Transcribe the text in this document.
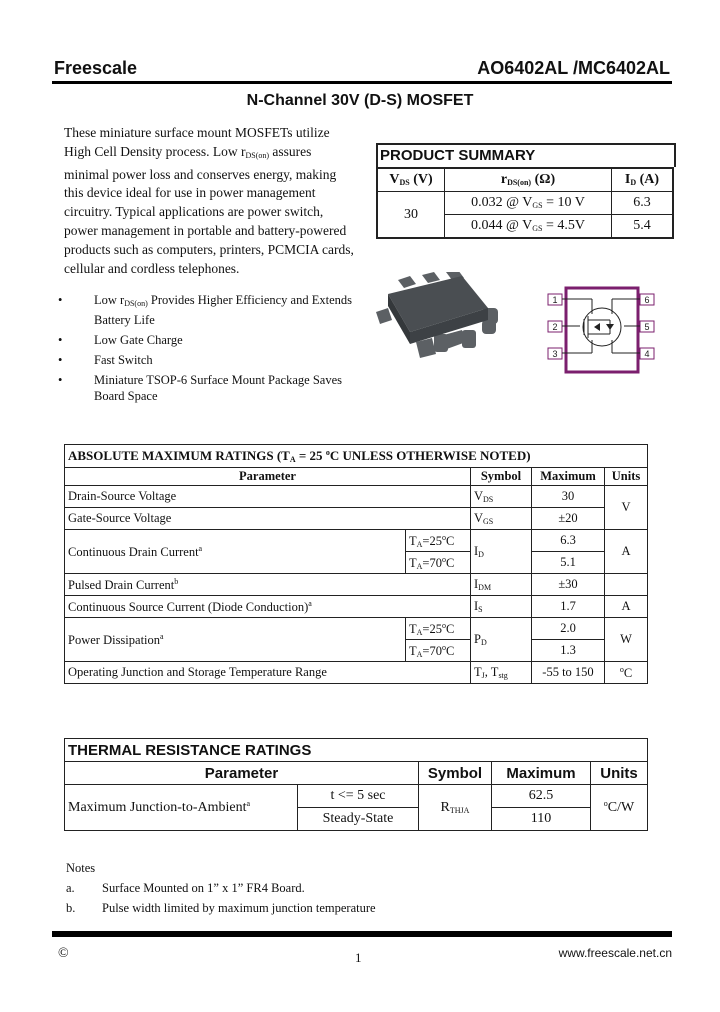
Freescale	AO6402AL /MC6402AL
N-Channel 30V (D-S) MOSFET
These miniature surface mount MOSFETs utilize High Cell Density process. Low $r_{DS(on)}$ assures minimal power loss and conserves energy, making this device ideal for use in power management circuitry. Typical applications are power switch, power management in portable and battery-powered products such as computers, printers, PCMCIA cards, cellular and cordless telephones.
• Low $r_{DS(on)}$ Provides Higher Efficiency and Extends Battery Life
• Low Gate Charge
• Fast Switch
• Miniature TSOP-6 Surface Mount Package Saves Board Space
PRODUCT SUMMARY
$V_{DS}$ (V)	$r_{DS(on)}$ (Ω)	$I_D$ (A)
30	0.032 @ $V_{GS} = 10$ V	6.3
	0.044 @ $V_{GS} = 4.5V$	5.4
1
2
3
6
5
4
ABSOLUTE MAXIMUM RATINGS ($T_A = 25$ $^o$C UNLESS OTHERWISE NOTED)				
Parameter		Symbol	Maximum	Units
Drain-Source Voltage		$V_{DS}$	30	V
Gate-Source Voltage		$V_{GS}$	±20	
Continuous Drain Current$^a$	$T_A=25^oC$	$I_D$	6.3	A
	$T_A=70^oC$		5.1	
Pulsed Drain Current$^b$		$I_{DM}$	±30	
Continuous Source Current (Diode Conduction)$^a$		$I_S$	1.7	A
Power Dissipation$^a$	$T_A=25^oC$	$P_D$	2.0	W
	$T_A=70^oC$		1.3	
Operating Junction and Storage Temperature Range		$T_J$, $T_{stg}$	-55 to 150	$^o$C
THERMAL RESISTANCE RATINGS				
Parameter		Symbol	Maximum	Units
Maximum Junction-to-Ambient$^a$	t <= 5 sec	$R_{THJA}$	62.5	$^o$C/W
	Steady-State		110	
Notes
a.	Surface Mounted on 1” x 1” FR4 Board.
b.	Pulse width limited by maximum junction temperature
©	1	www.freescale.net.cn
